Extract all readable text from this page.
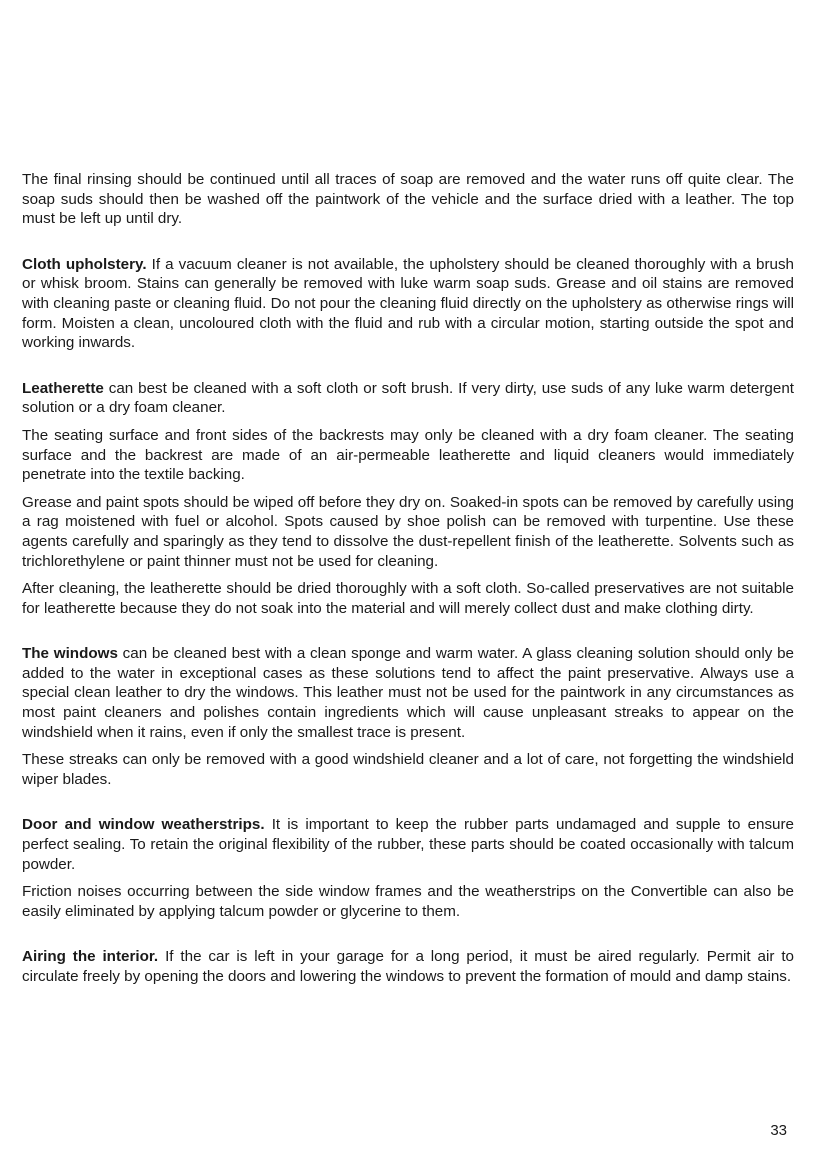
The final rinsing should be continued until all traces of soap are removed and the water runs off quite clear. The soap suds should then be washed off the paintwork of the vehicle and the surface dried with a leather. The top must be left up until dry.

Cloth upholstery. If a vacuum cleaner is not available, the upholstery should be cleaned thoroughly with a brush or whisk broom. Stains can generally be removed with luke warm soap suds. Grease and oil stains are removed with cleaning paste or cleaning fluid. Do not pour the cleaning fluid directly on the upholstery as otherwise rings will form. Moisten a clean, uncoloured cloth with the fluid and rub with a circular motion, starting outside the spot and working inwards.

Leatherette can best be cleaned with a soft cloth or soft brush. If very dirty, use suds of any luke warm detergent solution or a dry foam cleaner.

The seating surface and front sides of the backrests may only be cleaned with a dry foam cleaner. The seating surface and the backrest are made of an air-permeable leatherette and liquid cleaners would immediately penetrate into the textile backing.

Grease and paint spots should be wiped off before they dry on. Soaked-in spots can be removed by carefully using a rag moistened with fuel or alcohol. Spots caused by shoe polish can be removed with turpentine. Use these agents carefully and sparingly as they tend to dissolve the dust-repellent finish of the leatherette. Solvents such as trichlorethylene or paint thinner must not be used for cleaning.

After cleaning, the leatherette should be dried thoroughly with a soft cloth. So-called preservatives are not suitable for leatherette because they do not soak into the material and will merely collect dust and make clothing dirty.

The windows can be cleaned best with a clean sponge and warm water. A glass cleaning solution should only be added to the water in exceptional cases as these solutions tend to affect the paint preservative. Always use a special clean leather to dry the windows. This leather must not be used for the paintwork in any circumstances as most paint cleaners and polishes contain ingredients which will cause unpleasant streaks to appear on the windshield when it rains, even if only the smallest trace is present.

These streaks can only be removed with a good windshield cleaner and a lot of care, not forgetting the windshield wiper blades.

Door and window weatherstrips. It is important to keep the rubber parts undamaged and supple to ensure perfect sealing. To retain the original flexibility of the rubber, these parts should be coated occasionally with talcum powder.

Friction noises occurring between the side window frames and the weatherstrips on the Convertible can also be easily eliminated by applying talcum powder or glycerine to them.

Airing the interior. If the car is left in your garage for a long period, it must be aired regularly. Permit air to circulate freely by opening the doors and lowering the windows to prevent the formation of mould and damp stains.

33
